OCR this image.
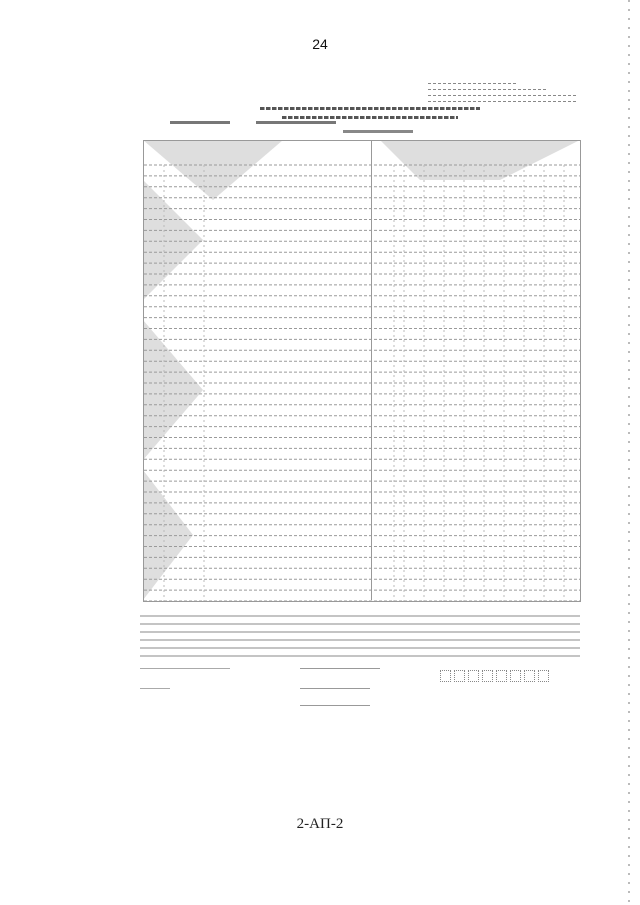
24
2-АП-2
